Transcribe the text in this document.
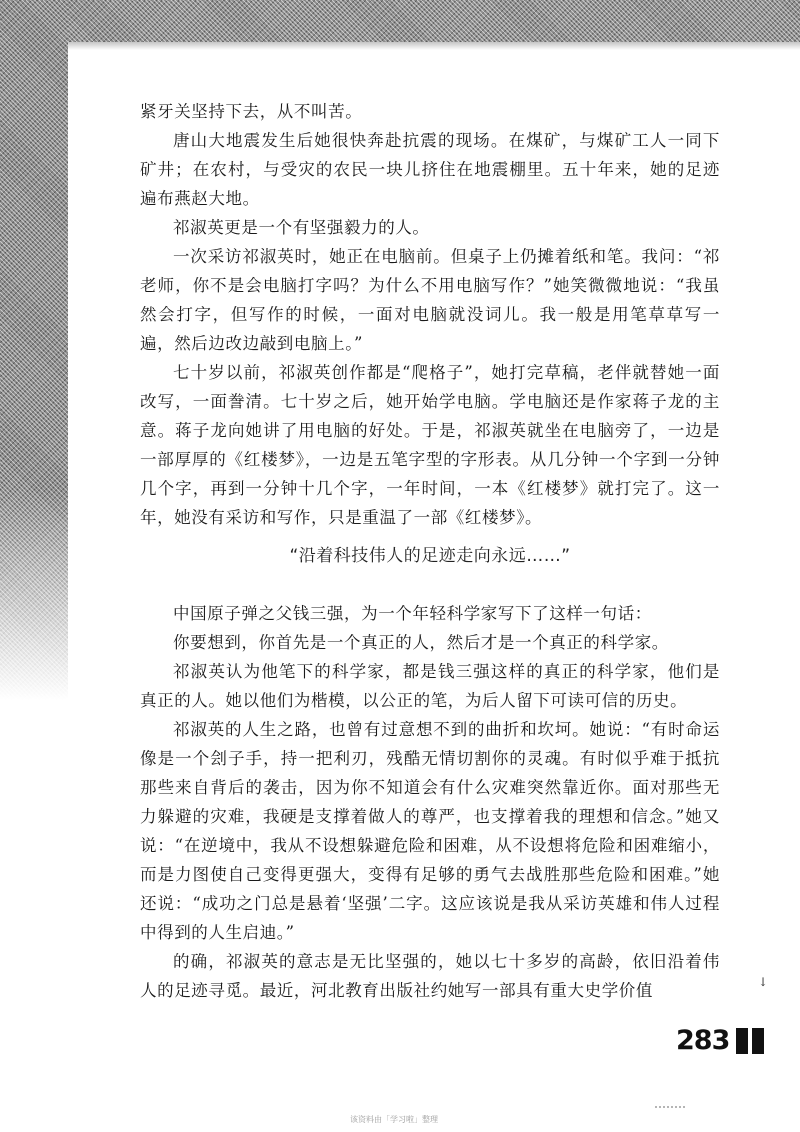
紧牙关坚持下去，从不叫苦。

唐山大地震发生后她很快奔赴抗震的现场。在煤矿，与煤矿工人一同下矿井；在农村，与受灾的农民一块儿挤住在地震棚里。五十年来，她的足迹遍布燕赵大地。

祁淑英更是一个有坚强毅力的人。

一次采访祁淑英时，她正在电脑前。但桌子上仍摊着纸和笔。我问：“祁老师，你不是会电脑打字吗？为什么不用电脑写作？”她笑微微地说：“我虽然会打字，但写作的时候，一面对电脑就没词儿。我一般是用笔草草写一遍，然后边改边敲到电脑上。”

七十岁以前，祁淑英创作都是“爬格子”，她打完草稿，老伴就替她一面改写，一面誊清。七十岁之后，她开始学电脑。学电脑还是作家蒋子龙的主意。蒋子龙向她讲了用电脑的好处。于是，祁淑英就坐在电脑旁了，一边是一部厚厚的《红楼梦》，一边是五笔字型的字形表。从几分钟一个字到一分钟几个字，再到一分钟十几个字，一年时间，一本《红楼梦》就打完了。这一年，她没有采访和写作，只是重温了一部《红楼梦》。

“沿着科技伟人的足迹走向永远……”

中国原子弹之父钱三强，为一个年轻科学家写下了这样一句话：

你要想到，你首先是一个真正的人，然后才是一个真正的科学家。

祁淑英认为他笔下的科学家，都是钱三强这样的真正的科学家，他们是真正的人。她以他们为楷模，以公正的笔，为后人留下可读可信的历史。

祁淑英的人生之路，也曾有过意想不到的曲折和坎坷。她说：“有时命运像是一个刽子手，持一把利刃，残酷无情切割你的灵魂。有时似乎难于抵抗那些来自背后的袭击，因为你不知道会有什么灾难突然靠近你。面对那些无力躲避的灾难，我硬是支撑着做人的尊严，也支撑着我的理想和信念。”她又说：“在逆境中，我从不设想躲避危险和困难，从不设想将危险和困难缩小，而是力图使自己变得更强大，变得有足够的勇气去战胜那些危险和困难。”她还说：“成功之门总是悬着‘坚强’二字。这应该说是我从采访英雄和伟人过程中得到的人生启迪。”

的确，祁淑英的意志是无比坚强的，她以七十多岁的高龄，依旧沿着伟人的足迹寻觅。最近，河北教育出版社约她写一部具有重大史学价值	↓
283
该资料由「学习啦」整理
